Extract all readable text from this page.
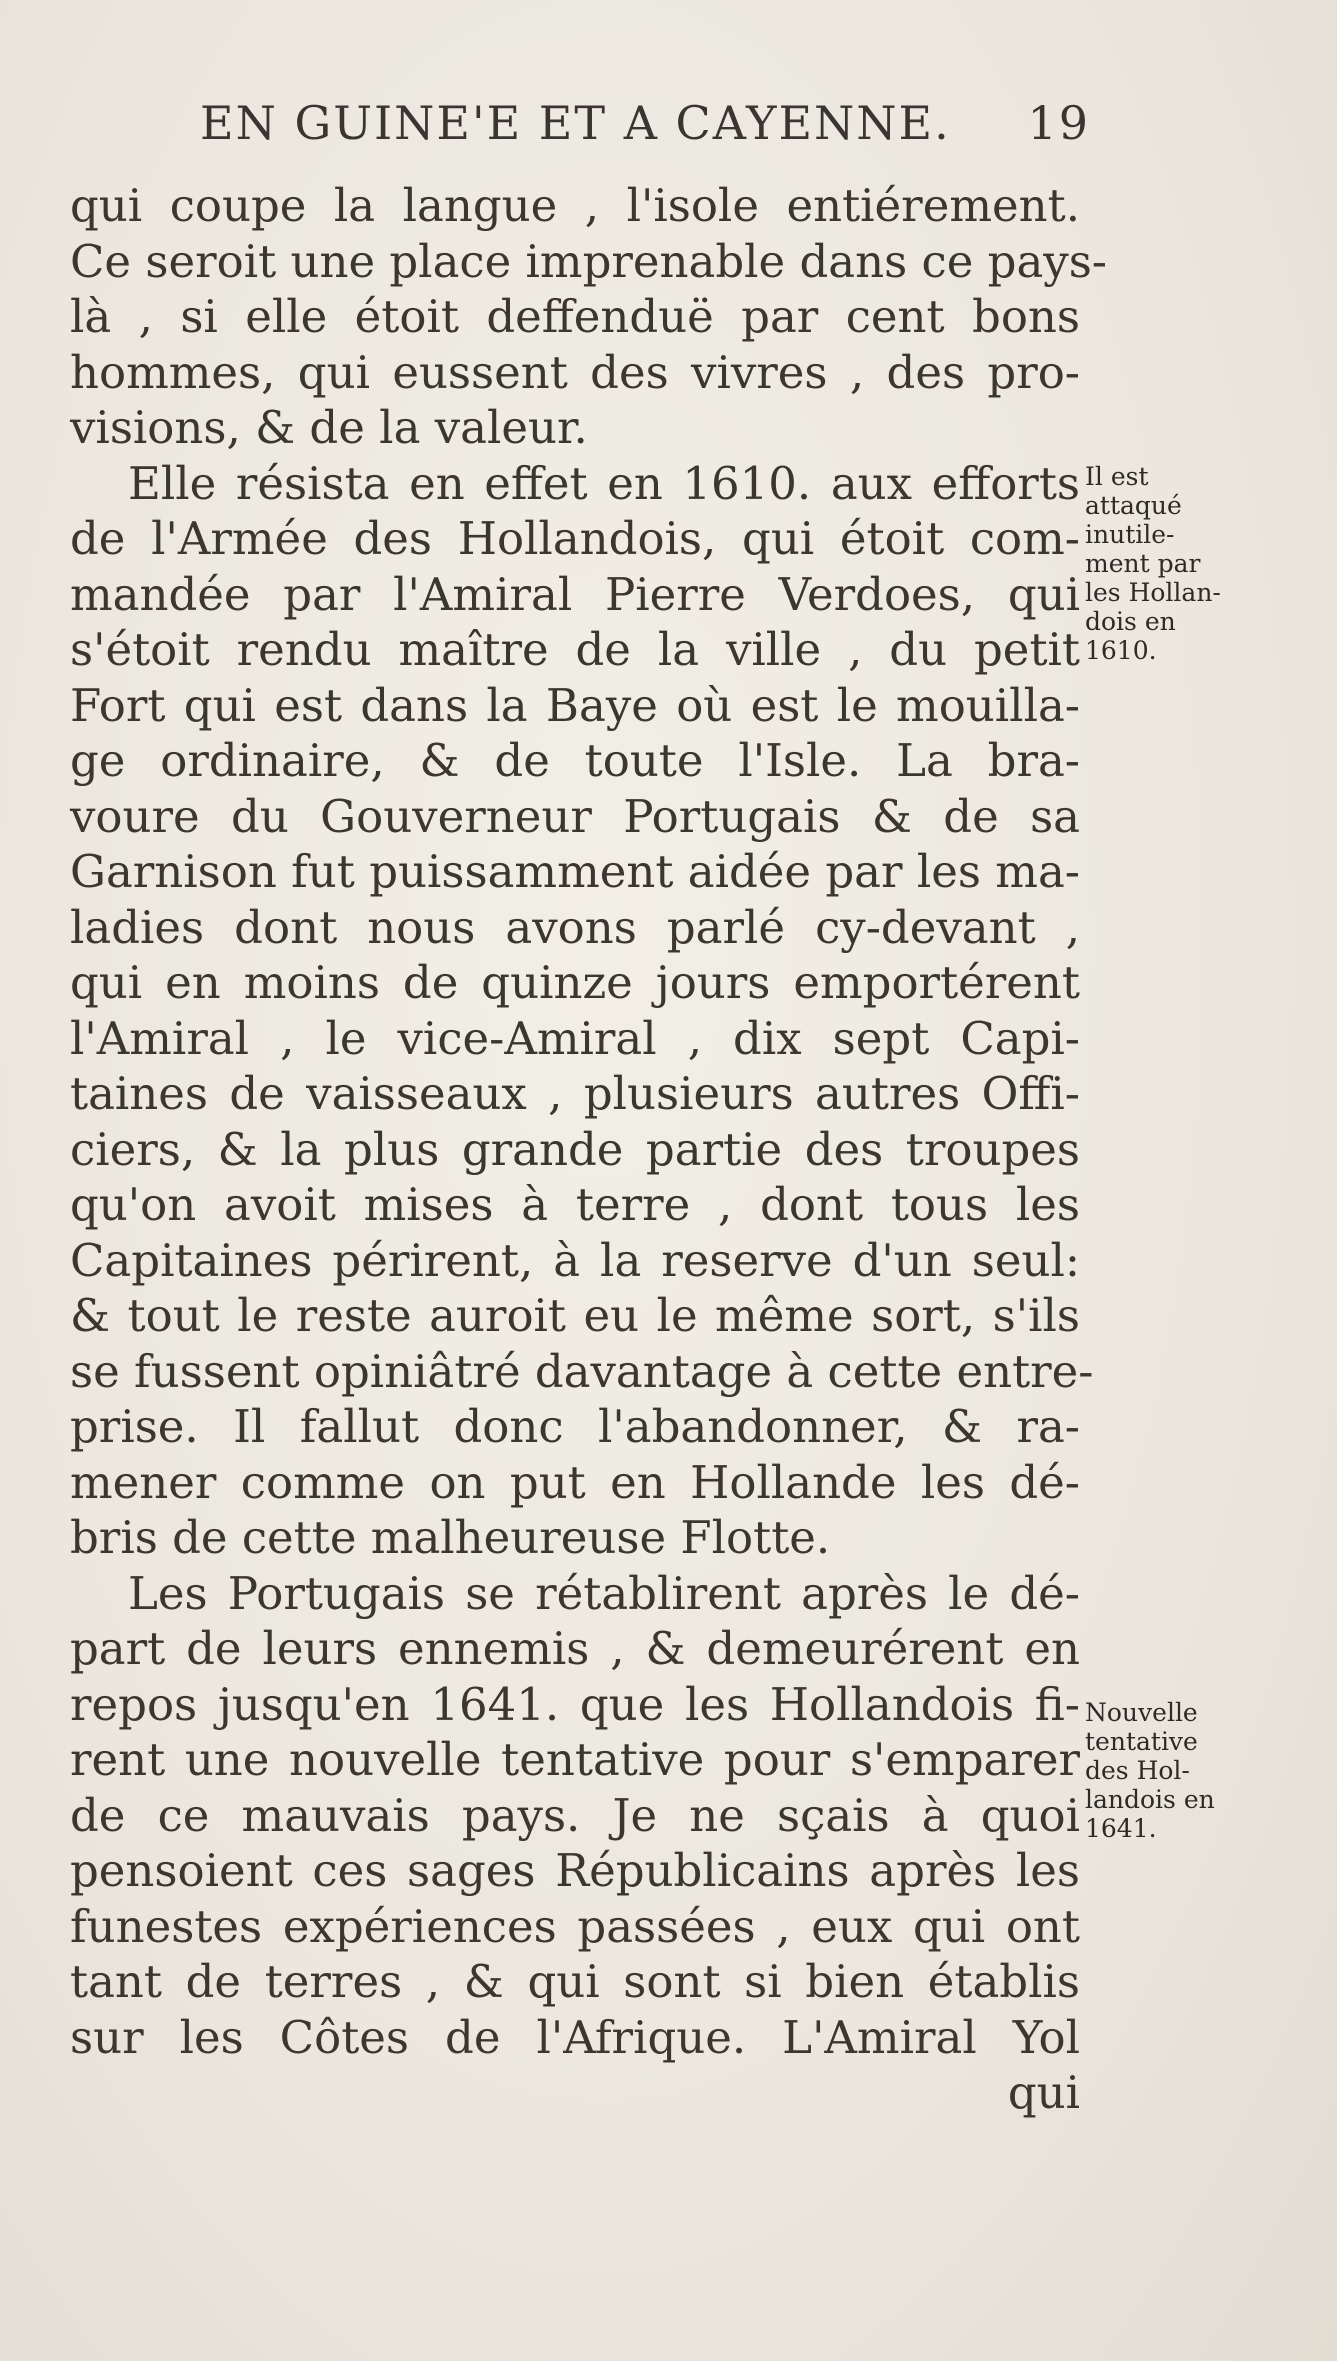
EN GUINE'E ET A CAYENNE. 19
qui coupe la langue , l'isole entiérement.
Ce seroit une place imprenable dans ce pays-
là , si elle étoit deffenduë par cent bons
hommes, qui eussent des vivres , des pro-
visions, & de la valeur.
Elle résista en effet en 1610. aux efforts
de l'Armée des Hollandois, qui étoit com-
mandée par l'Amiral Pierre Verdoes, qui
s'étoit rendu maître de la ville , du petit
Fort qui est dans la Baye où est le mouilla-
ge ordinaire, & de toute l'Isle. La bra-
voure du Gouverneur Portugais & de sa
Garnison fut puissamment aidée par les ma-
ladies dont nous avons parlé cy-devant ,
qui en moins de quinze jours emportérent
l'Amiral , le vice-Amiral , dix sept Capi-
taines de vaisseaux , plusieurs autres Offi-
ciers, & la plus grande partie des troupes
qu'on avoit mises à terre , dont tous les
Capitaines périrent, à la reserve d'un seul:
& tout le reste auroit eu le même sort, s'ils
se fussent opiniâtré davantage à cette entre-
prise. Il fallut donc l'abandonner, & ra-
mener comme on put en Hollande les dé-
bris de cette malheureuse Flotte.
Les Portugais se rétablirent après le dé-
part de leurs ennemis , & demeurérent en
repos jusqu'en 1641. que les Hollandois fi-
rent une nouvelle tentative pour s'emparer
de ce mauvais pays. Je ne sçais à quoi
pensoient ces sages Républicains après les
funestes expériences passées , eux qui ont
tant de terres , & qui sont si bien établis
sur les Côtes de l'Afrique. L'Amiral Yol
qui
Il est
attaqué
inutile-
ment par
les Hollan-
dois en
1610.
Nouvelle
tentative
des Hol-
landois en
1641.
